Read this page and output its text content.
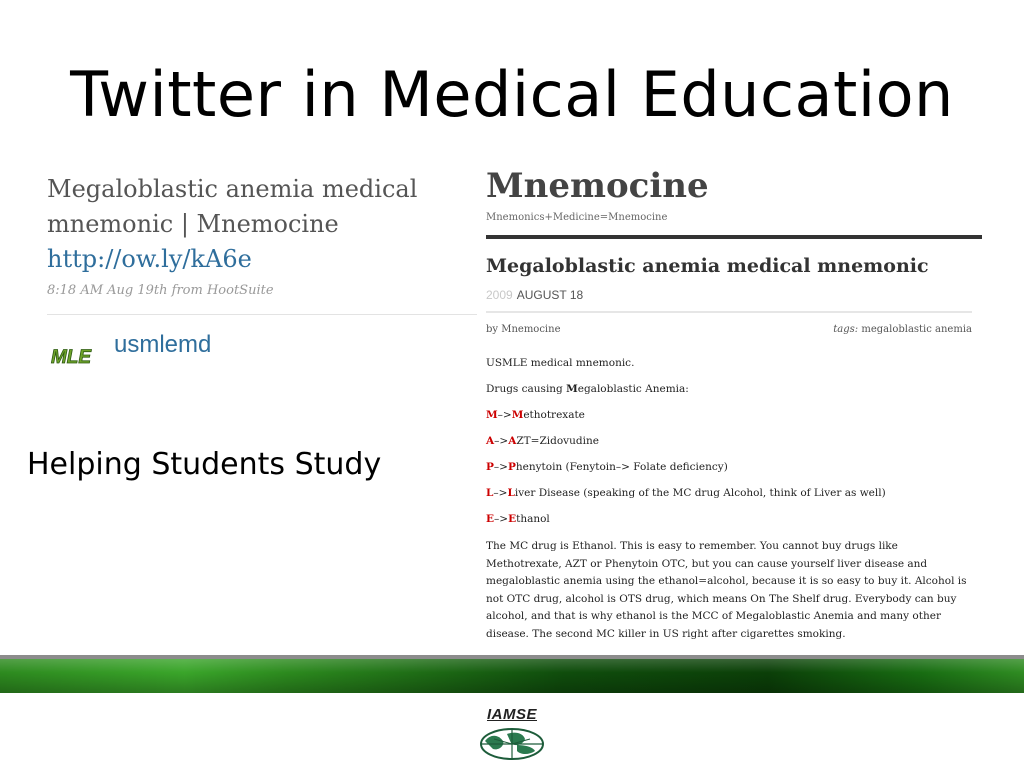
Twitter in Medical Education
Megaloblastic anemia medical mnemonic | Mnemocine
http://ow.ly/kA6e
8:18 AM Aug 19th from HootSuite
MLE usmlemd
Helping Students Study
Mnemocine
Mnemonics+Medicine=Mnemocine
Megaloblastic anemia medical mnemonic
2009 AUGUST 18
by Mnemocine	tags: megaloblastic anemia

USMLE medical mnemonic.

Drugs causing Megaloblastic Anemia:

M–>Methotrexate

A–>AZT=Zidovudine

P–>Phenytoin (Fenytoin–> Folate deficiency)

L–>Liver Disease (speaking of the MC drug Alcohol, think of Liver as well)

E–>Ethanol

The MC drug is Ethanol. This is easy to remember. You cannot buy drugs like Methotrexate, AZT or Phenytoin OTC, but you can cause yourself liver disease and megaloblastic anemia using the ethanol=alcohol, because it is so easy to buy it. Alcohol is not OTC drug, alcohol is OTS drug, which means On The Shelf drug. Everybody can buy alcohol, and that is why ethanol is the MCC of Megaloblastic Anemia and many other disease. The second MC killer in US right after cigarettes smoking.

IAMSE
